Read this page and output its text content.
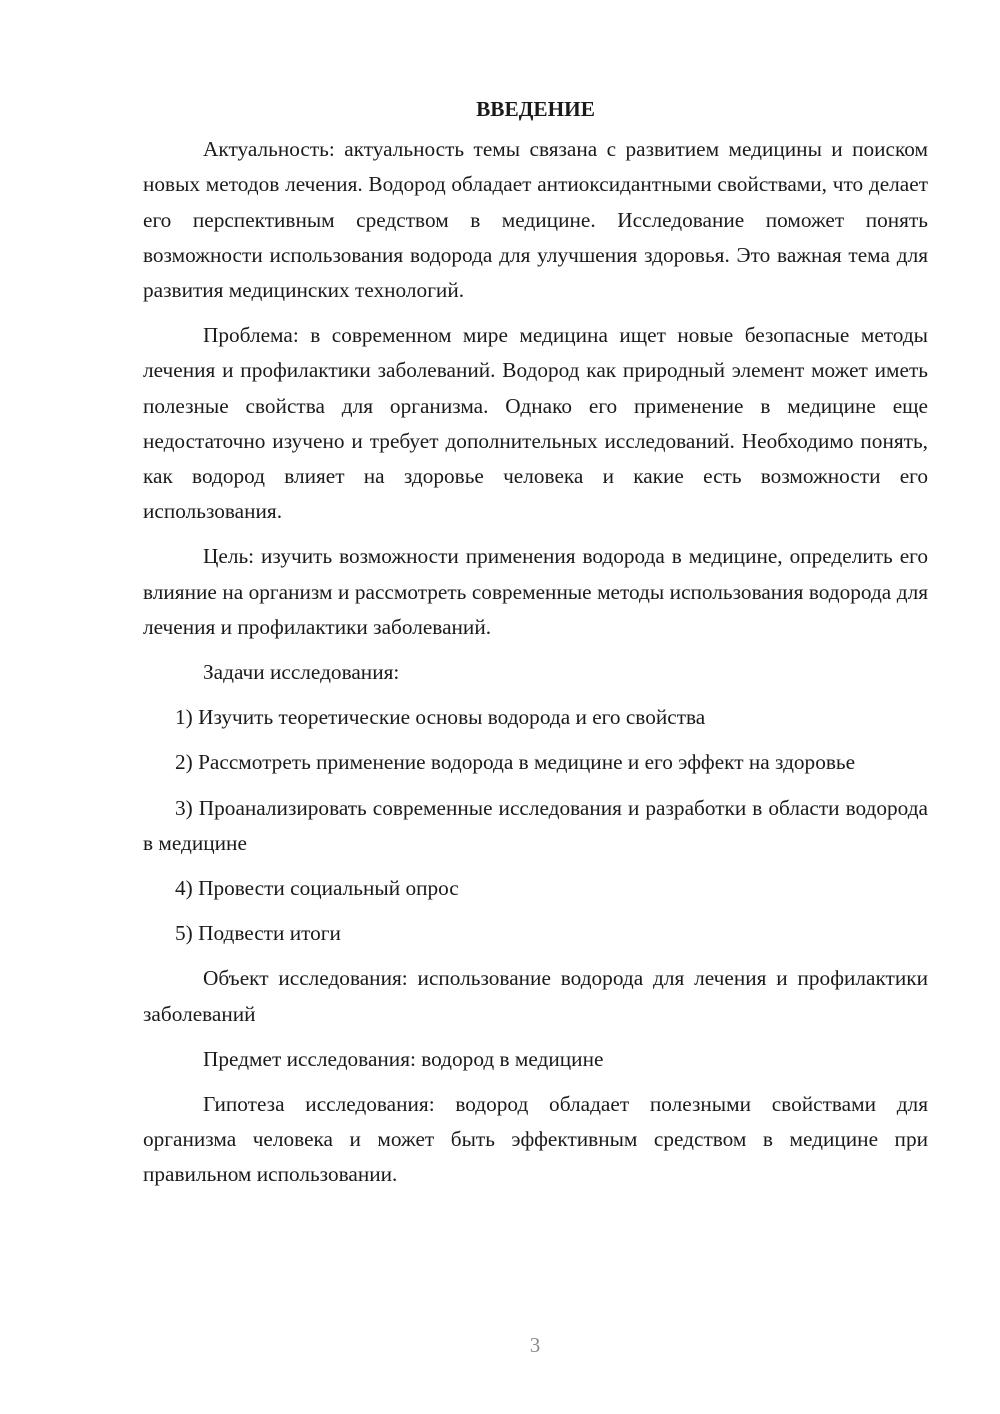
ВВЕДЕНИЕ

Актуальность: актуальность темы связана с развитием медицины и поиском новых методов лечения. Водород обладает антиоксидантными свойствами, что делает его перспективным средством в медицине. Исследование поможет понять возможности использования водорода для улучшения здоровья. Это важная тема для развития медицинских технологий.

Проблема: в современном мире медицина ищет новые безопасные методы лечения и профилактики заболеваний. Водород как природный элемент может иметь полезные свойства для организма. Однако его применение в медицине еще недостаточно изучено и требует дополнительных исследований. Необходимо понять, как водород влияет на здоровье человека и какие есть возможности его использования.

Цель: изучить возможности применения водорода в медицине, определить его влияние на организм и рассмотреть современные методы использования водорода для лечения и профилактики заболеваний.

Задачи исследования:

1) Изучить теоретические основы водорода и его свойства

2) Рассмотреть применение водорода в медицине и его эффект на здоровье

3) Проанализировать современные исследования и разработки в области водорода в медицине

4) Провести социальный опрос

5) Подвести итоги

Объект исследования: использование водорода для лечения и профилактики заболеваний

Предмет исследования: водород в медицине

Гипотеза исследования: водород обладает полезными свойствами для организма человека и может быть эффективным средством в медицине при правильном использовании.

3
